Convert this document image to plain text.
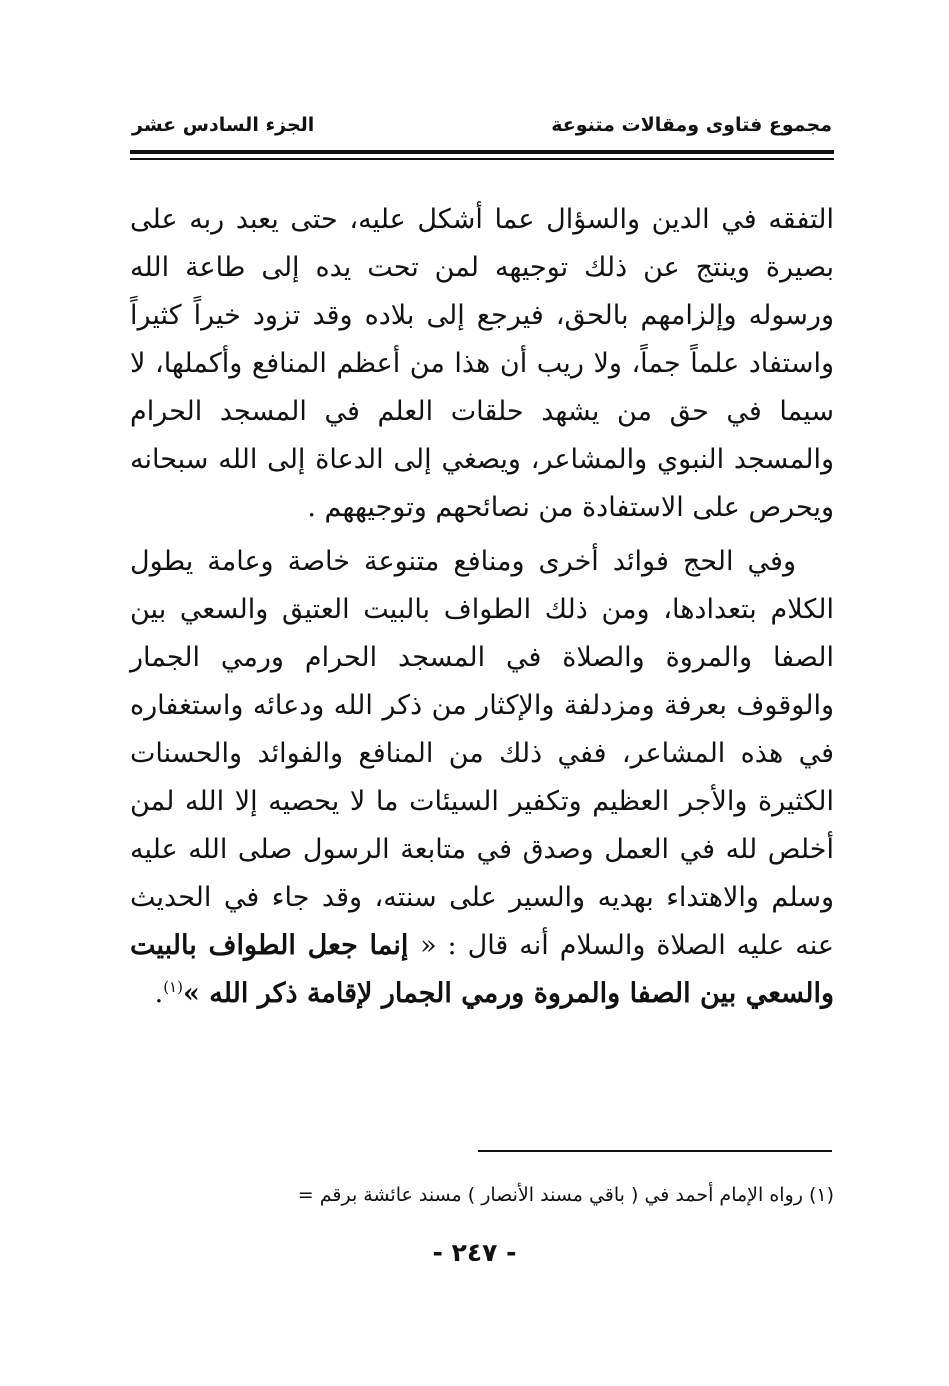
مجموع فتاوى ومقالات متنوعة
الجزء السادس عشر

التفقه في الدين والسؤال عما أشكل عليه، حتى يعبد ربه على بصيرة وينتج عن ذلك توجيهه لمن تحت يده إلى طاعة الله ورسوله وإلزامهم بالحق، فيرجع إلى بلاده وقد تزود خيراً كثيراً واستفاد علماً جماً، ولا ريب أن هذا من أعظم المنافع وأكملها، لا سيما في حق من يشهد حلقات العلم في المسجد الحرام والمسجد النبوي والمشاعر، ويصغي إلى الدعاة إلى الله سبحانه ويحرص على الاستفادة من نصائحهم وتوجيههم .

وفي الحج فوائد أخرى ومنافع متنوعة خاصة وعامة يطول الكلام بتعدادها، ومن ذلك الطواف بالبيت العتيق والسعي بين الصفا والمروة والصلاة في المسجد الحرام ورمي الجمار والوقوف بعرفة ومزدلفة والإكثار من ذكر الله ودعائه واستغفاره في هذه المشاعر، ففي ذلك من المنافع والفوائد والحسنات الكثيرة والأجر العظيم وتكفير السيئات ما لا يحصيه إلا الله لمن أخلص لله في العمل وصدق في متابعة الرسول صلى الله عليه وسلم والاهتداء بهديه والسير على سنته، وقد جاء في الحديث عنه عليه الصلاة والسلام أنه قال : « إنما جعل الطواف بالبيت والسعي بين الصفا والمروة ورمي الجمار لإقامة ذكر الله »$^{(١)}$.

(١) رواه الإمام أحمد في ( باقي مسند الأنصار ) مسند عائشة برقم =
- ٢٤٧ -
